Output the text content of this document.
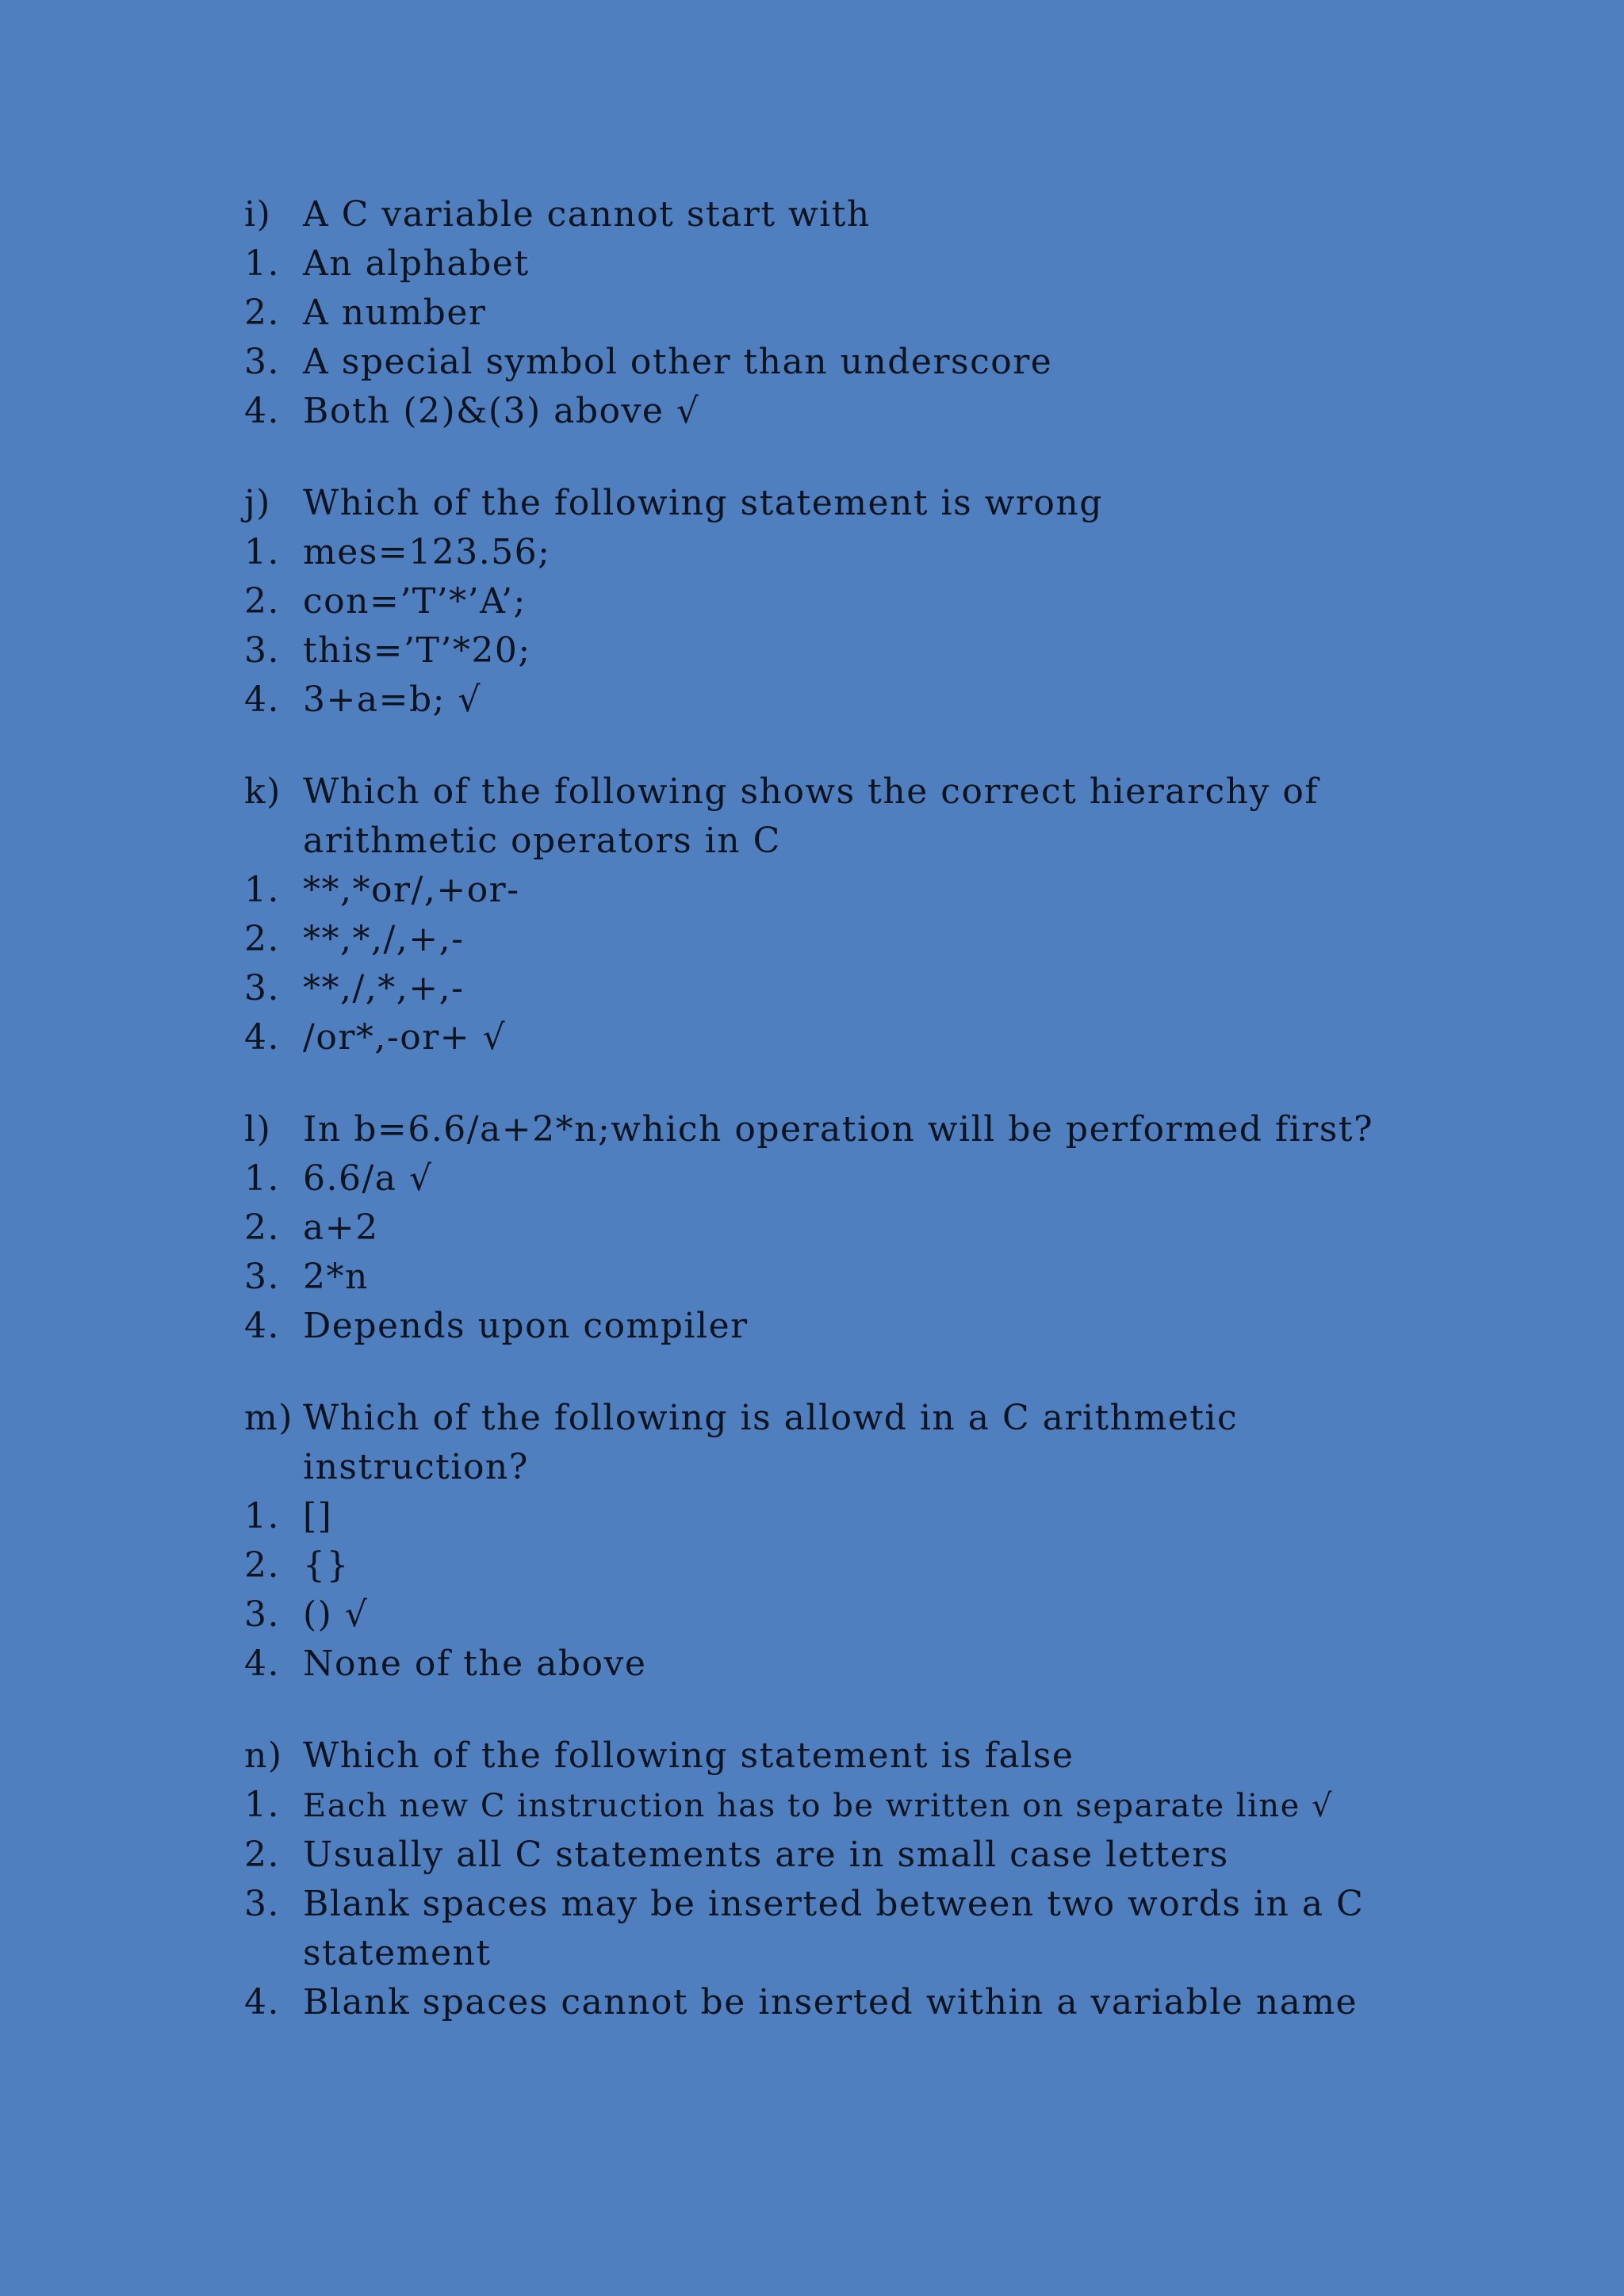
i) A C variable cannot start with
1. An alphabet
2. A number
3. A special symbol other than underscore
4. Both (2)&(3) above √
j) Which of the following statement is wrong
1. mes=123.56;
2. con=’T’*’A’;
3. this=’T’*20;
4. 3+a=b; √
k) Which of the following shows the correct hierarchy of arithmetic operators in C
1. **,*or/,+or-
2. **,*,/,+,-
3. **,/,*,+,-
4. /or*,-or+ √
l) In b=6.6/a+2*n;which operation will be performed first?
1. 6.6/a √
2. a+2
3. 2*n
4. Depends upon compiler
m) Which of the following is allowd in a C arithmetic instruction?
1. []
2. {}
3. () √
4. None of the above
n) Which of the following statement is false
1. Each new C instruction has to be written on separate line √
2. Usually all C statements are in small case letters
3. Blank spaces may be inserted between two words in a C statement
4. Blank spaces cannot be inserted within a variable name
